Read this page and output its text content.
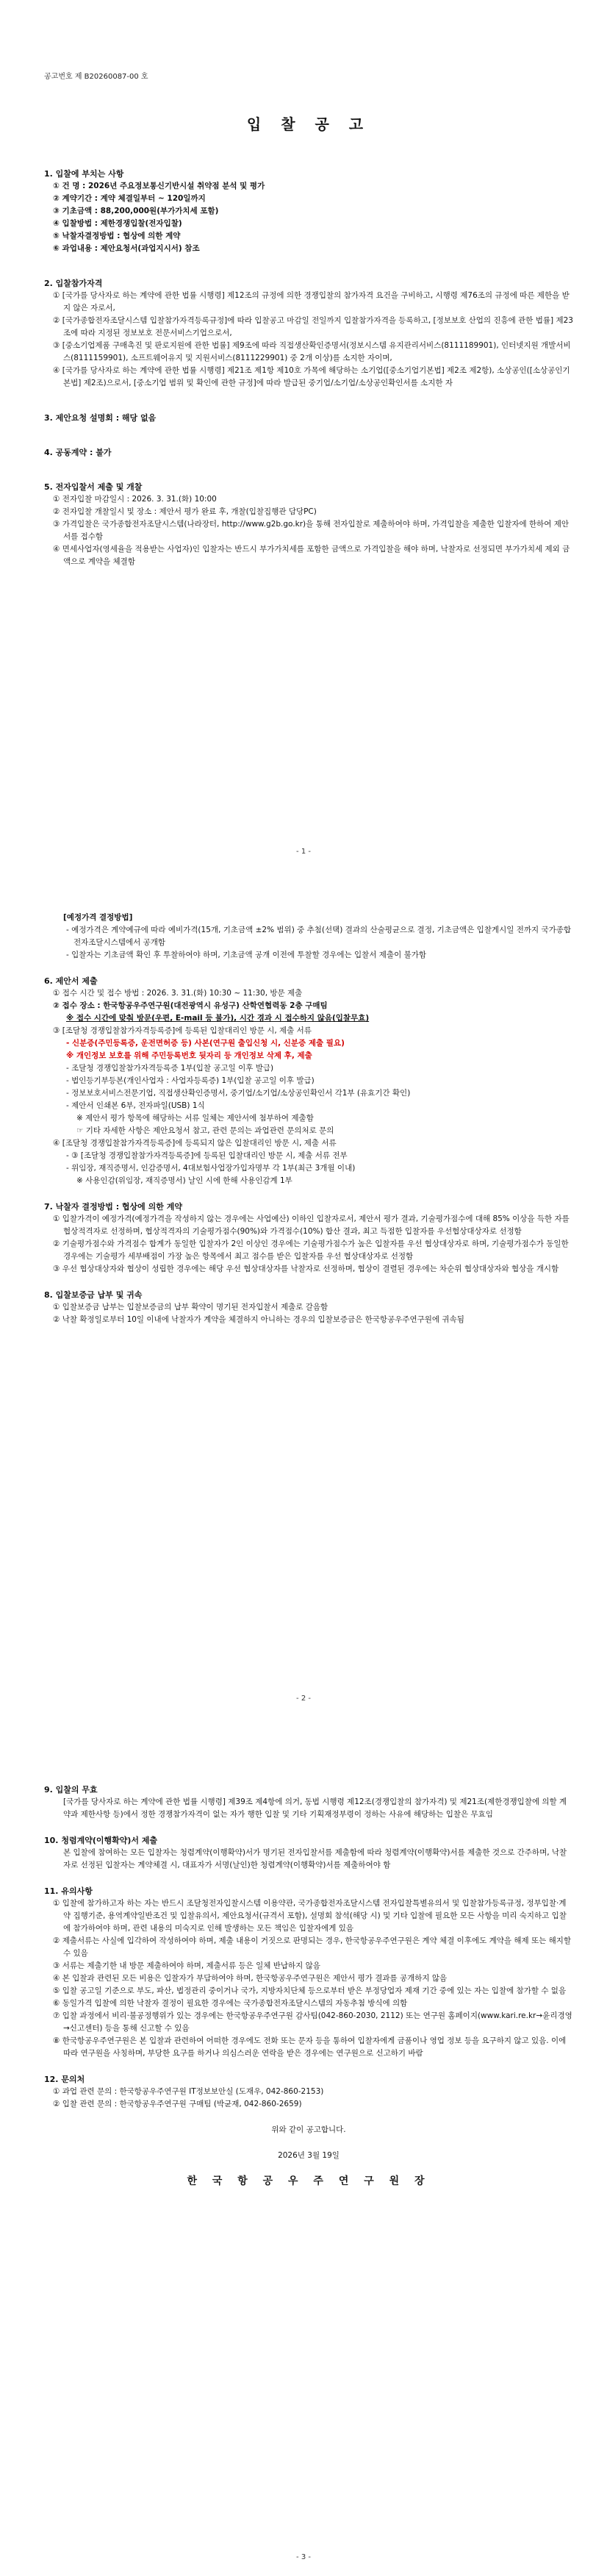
공고번호 제 B20260087-00 호

입 찰 공 고

1. 입찰에 부치는 사항

① 건 명 : 2026년 주요정보통신기반시설 취약점 분석 및 평가

② 계약기간 : 계약 체결일부터 ~ 120일까지

③ 기초금액 : 88,200,000원(부가가치세 포함)

④ 입찰방법 : 제한경쟁입찰(전자입찰)

⑤ 낙찰자결정방법 : 협상에 의한 계약

⑥ 과업내용 : 제안요청서(과업지시서) 참조

2. 입찰참가자격

① [국가를 당사자로 하는 계약에 관한 법률 시행령] 제12조의 규정에 의한 경쟁입찰의 참가자격 요건을 구비하고, 시행령 제76조의 규정에 따른 제한을 받지 않은 자로서,

② [국가종합전자조달시스템 입찰참가자격등록규정]에 따라 입찰공고 마감일 전일까지 입찰참가자격을 등록하고, [정보보호 산업의 진흥에 관한 법률] 제23조에 따라 지정된 정보보호 전문서비스기업으로서,

③ [중소기업제품 구매촉진 및 판로지원에 관한 법률] 제9조에 따라 직접생산확인증명서(정보시스템 유지관리서비스(8111189901), 인터넷지원 개발서비스(8111159901), 소프트웨어유지 및 지원서비스(8111229901) 중 2개 이상)를 소지한 자이며,

④ [국가를 당사자로 하는 계약에 관한 법률 시행령] 제21조 제1항 제10호 가목에 해당하는 소기업([중소기업기본법] 제2조 제2항), 소상공인([소상공인기본법] 제2조)으로서, [중소기업 범위 및 확인에 관한 규정]에 따라 발급된 중기업/소기업/소상공인확인서를 소지한 자

3. 제안요청 설명회 : 해당 없음

4. 공동계약 : 불가

5. 전자입찰서 제출 및 개찰

① 전자입찰 마감일시 : 2026. 3. 31.(화) 10:00

② 전자입찰 개찰일시 및 장소 : 제안서 평가 완료 후, 개찰(입찰집행관 담당PC)

③ 가격입찰은 국가종합전자조달시스템(나라장터, http://www.g2b.go.kr)을 통해 전자입찰로 제출하여야 하며, 가격입찰을 제출한 입찰자에 한하여 제안서를 접수함

④ 면세사업자(영세율을 적용받는 사업자)인 입찰자는 반드시 부가가치세를 포함한 금액으로 가격입찰을 해야 하며, 낙찰자로 선정되면 부가가치세 제외 금액으로 계약을 체결함

- 1 -

[예정가격 결정방법]

- 예정가격은 계약예규에 따라 예비가격(15개, 기초금액 ±2% 범위) 중 추첨(선택) 결과의 산술평균으로 결정, 기초금액은 입찰게시일 전까지 국가종합전자조달시스템에서 공개함

- 입찰자는 기초금액 확인 후 투찰하여야 하며, 기초금액 공개 이전에 투찰할 경우에는 입찰서 제출이 불가함

6. 제안서 제출

① 접수 시간 및 접수 방법 : 2026. 3. 31.(화) 10:30 ~ 11:30, 방문 제출

② 접수 장소 : 한국항공우주연구원(대전광역시 유성구) 산학연협력동 2층 구매팀

※ 접수 시간에 맞춰 방문(우편, E-mail 등 불가), 시간 경과 시 접수하지 않음(입찰무효)

③ [조달청 경쟁입찰참가자격등록증]에 등록된 입찰대리인 방문 시, 제출 서류

- 신분증(주민등록증, 운전면허증 등) 사본(연구원 출입신청 시, 신분증 제출 필요)

※ 개인정보 보호를 위해 주민등록번호 뒷자리 등 개인정보 삭제 후, 제출

- 조달청 경쟁입찰참가자격등록증 1부(입찰 공고일 이후 발급)

- 법인등기부등본(개인사업자 : 사업자등록증) 1부(입찰 공고일 이후 발급)

- 정보보호서비스전문기업, 직접생산확인증명서, 중기업/소기업/소상공인확인서 각1부 (유효기간 확인)

- 제안서 인쇄본 6부, 전자파일(USB) 1식

※ 제안서 평가 항목에 해당하는 서류 일체는 제안서에 첨부하여 제출함

☞ 기타 자세한 사항은 제안요청서 참고, 관련 문의는 과업관련 문의처로 문의

④ [조달청 경쟁입찰참가자격등록증]에 등록되지 않은 입찰대리인 방문 시, 제출 서류

- ③ [조달청 경쟁입찰참가자격등록증]에 등록된 입찰대리인 방문 시, 제출 서류 전부

- 위임장, 재직증명서, 인감증명서, 4대보험사업장가입자명부 각 1부(최근 3개월 이내)

※ 사용인감(위임장, 재직증명서) 날인 시에 한해 사용인감계 1부

7. 낙찰자 결정방법 : 협상에 의한 계약

① 입찰가격이 예정가격(예정가격을 작성하지 않는 경우에는 사업예산) 이하인 입찰자로서, 제안서 평가 결과, 기술평가점수에 대해 85% 이상을 득한 자를 협상적격자로 선정하며, 협상적격자의 기술평가점수(90%)와 가격점수(10%) 합산 결과, 최고 득점한 입찰자를 우선협상대상자로 선정함

② 기술평가점수와 가격점수 합계가 동일한 입찰자가 2인 이상인 경우에는 기술평가점수가 높은 입찰자를 우선 협상대상자로 하며, 기술평가점수가 동일한 경우에는 기술평가 세부배점이 가장 높은 항목에서 최고 점수를 받은 입찰자를 우선 협상대상자로 선정함

③ 우선 협상대상자와 협상이 성립한 경우에는 해당 우선 협상대상자를 낙찰자로 선정하며, 협상이 결렬된 경우에는 차순위 협상대상자와 협상을 개시함

8. 입찰보증금 납부 및 귀속

① 입찰보증금 납부는 입찰보증금의 납부 확약이 명기된 전자입찰서 제출로 갈음함

② 낙찰 확정일로부터 10일 이내에 낙찰자가 계약을 체결하지 아니하는 경우의 입찰보증금은 한국항공우주연구원에 귀속됨

- 2 -

9. 입찰의 무효

[국가를 당사자로 하는 계약에 관한 법률 시행령] 제39조 제4항에 의거, 동법 시행령 제12조(경쟁입찰의 참가자격) 및 제21조(제한경쟁입찰에 의할 계약과 제한사항 등)에서 정한 경쟁참가자격이 없는 자가 행한 입찰 및 기타 기획재정부령이 정하는 사유에 해당하는 입찰은 무효임

10. 청렴계약(이행확약)서 제출

본 입찰에 참여하는 모든 입찰자는 청렴계약(이행확약)서가 명기된 전자입찰서를 제출함에 따라 청렴계약(이행확약)서를 제출한 것으로 간주하며, 낙찰자로 선정된 입찰자는 계약체결 시, 대표자가 서명(날인)한 청렴계약(이행확약)서를 제출하여야 함

11. 유의사항

① 입찰에 참가하고자 하는 자는 반드시 조달청전자입찰시스템 이용약관, 국가종합전자조달시스템 전자입찰특별유의서 및 입찰참가등록규정, 정부입찰·계약 집행기준, 용역계약일반조건 및 입찰유의서, 제안요청서(규격서 포함), 설명회 참석(해당 시) 및 기타 입찰에 필요한 모든 사항을 미리 숙지하고 입찰에 참가하여야 하며, 관련 내용의 미숙지로 인해 발생하는 모든 책임은 입찰자에게 있음

② 제출서류는 사실에 입각하여 작성하여야 하며, 제출 내용이 거짓으로 판명되는 경우, 한국항공우주연구원은 계약 체결 이후에도 계약을 해제 또는 해지할 수 있음

③ 서류는 제출기한 내 방문 제출하여야 하며, 제출서류 등은 일체 반납하지 않음

④ 본 입찰과 관련된 모든 비용은 입찰자가 부담하여야 하며, 한국항공우주연구원은 제안서 평가 결과를 공개하지 않음

⑤ 입찰 공고일 기준으로 부도, 파산, 법정관리 중이거나 국가, 지방자치단체 등으로부터 받은 부정당업자 제재 기간 중에 있는 자는 입찰에 참가할 수 없음

⑥ 동일가격 입찰에 의한 낙찰자 결정이 필요한 경우에는 국가종합전자조달시스템의 자동추첨 방식에 의함

⑦ 입찰 과정에서 비리·불공정행위가 있는 경우에는 한국항공우주연구원 감사팀(042-860-2030, 2112) 또는 연구원 홈페이지(www.kari.re.kr→윤리경영 →신고센터) 등을 통해 신고할 수 있음

⑧ 한국항공우주연구원은 본 입찰과 관련하여 어떠한 경우에도 전화 또는 문자 등을 통하여 입찰자에게 금품이나 영업 정보 등을 요구하지 않고 있음. 이에 따라 연구원을 사칭하며, 부당한 요구를 하거나 의심스러운 연락을 받은 경우에는 연구원으로 신고하기 바람

12. 문의처

① 과업 관련 문의 : 한국항공우주연구원 IT정보보안실 (도재우, 042-860-2153)

② 입찰 관련 문의 : 한국항공우주연구원 구매팀 (박균재, 042-860-2659)

위와 같이 공고합니다.

2026년 3월 19일

한 국 항 공 우 주 연 구 원 장

- 3 -
